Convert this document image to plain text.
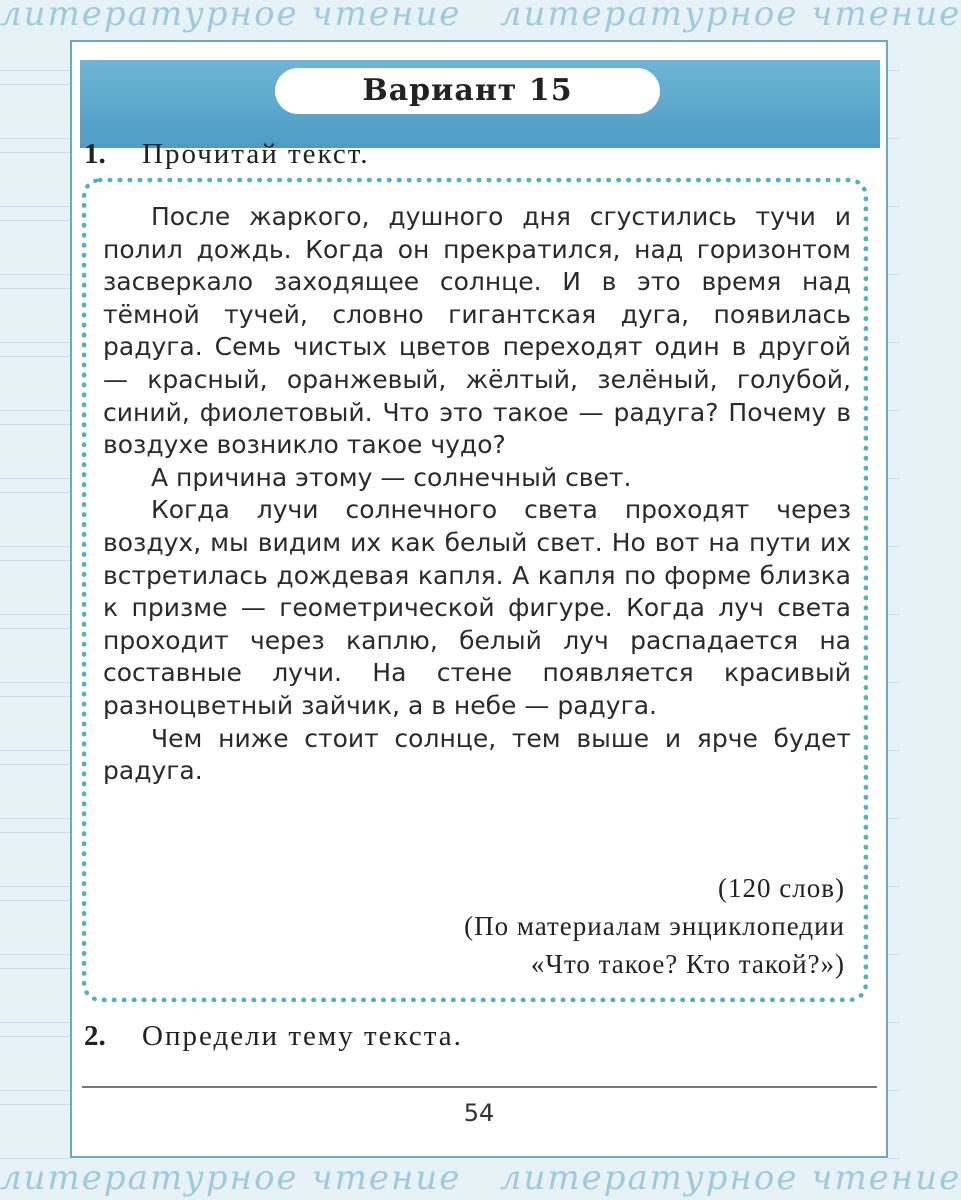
литературное чтение литературное чтение
литературное чтение литературное чтение
Вариант 15
1. Прочитай текст.

После жаркого, душного дня сгустились тучи и полил дождь. Когда он прекратился, над горизонтом засверкало заходящее солнце. И в это время над тёмной тучей, словно гигантская дуга, появилась радуга. Семь чистых цветов переходят один в другой — красный, оранжевый, жёлтый, зелёный, голубой, синий, фиолетовый. Что это такое — радуга? Почему в воздухе возникло такое чудо?

А причина этому — солнечный свет.

Когда лучи солнечного света проходят через воздух, мы видим их как белый свет. Но вот на пути их встретилась дождевая капля. А капля по форме близка к призме — геометрической фигуре. Когда луч света проходит через каплю, белый луч распадается на составные лучи. На стене появляется красивый разноцветный зайчик, а в небе — радуга.

Чем ниже стоит солнце, тем выше и ярче будет радуга.

(120 слов)
(По материалам энциклопедии
«Что такое? Кто такой?»)
2. Определи тему текста.
54
